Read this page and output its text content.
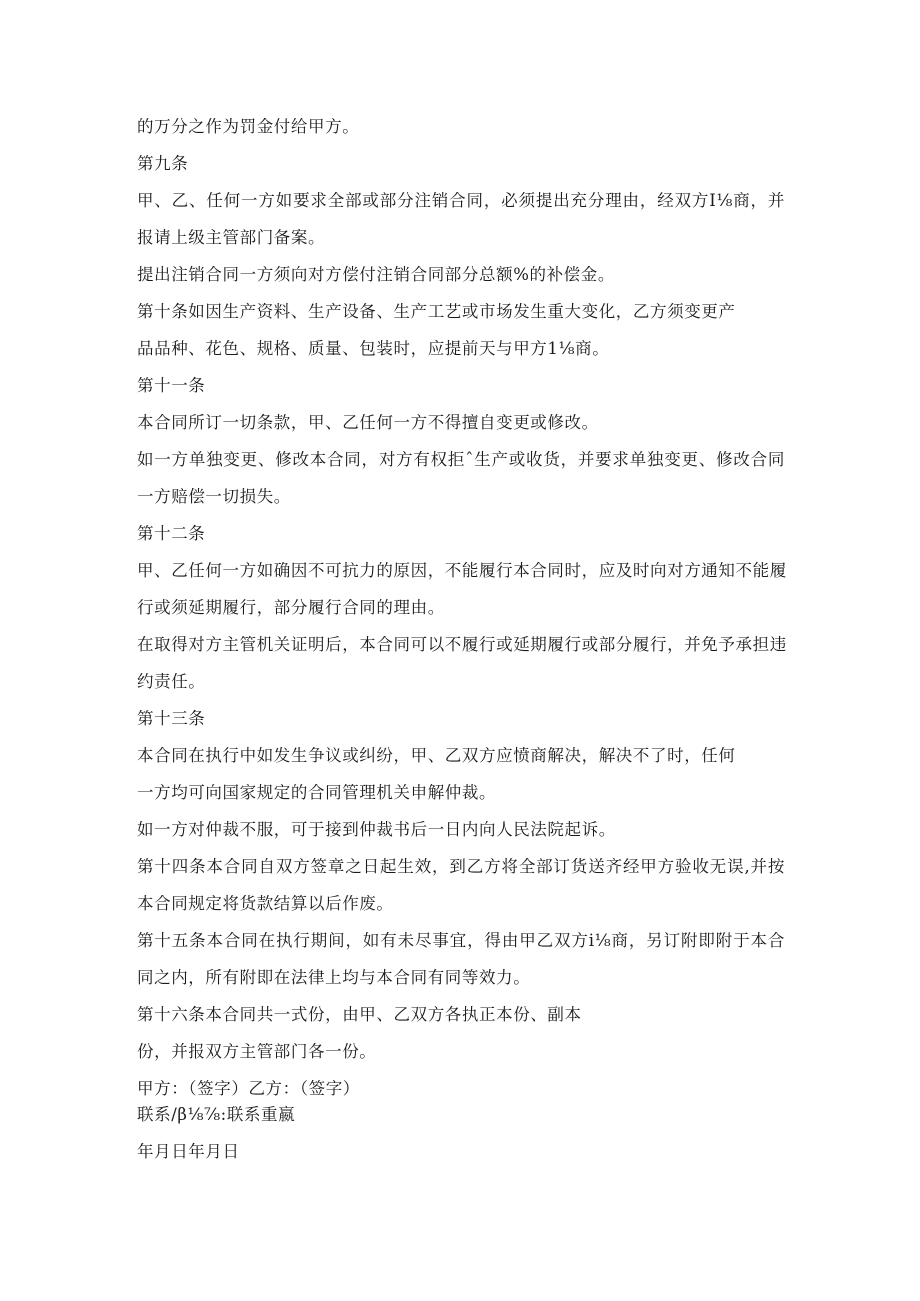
的万分之作为罚金付给甲方。
第九条
甲、乙、任何一方如要求全部或部分注销合同，必须提出充分理由，经双方I⅛商，并
报请上级主管部门备案。
提出注销合同一方须向对方偿付注销合同部分总额%的补偿金。
第十条如因生产资料、生产设备、生产工艺或市场发生重大变化，乙方须变更产
品品种、花色、规格、质量、包装时，应提前天与甲方1⅛商。
第十一条
本合同所订一切条款，甲、乙任何一方不得擅自变更或修改。
如一方单独变更、修改本合同，对方有权拒ˆ生产或收货，并要求单独变更、修改合同
一方赔偿一切损失。
第十二条
甲、乙任何一方如确因不可抗力的原因，不能履行本合同时，应及时向对方通知不能履
行或须延期履行，部分履行合同的理由。
在取得对方主管机关证明后，本合同可以不履行或延期履行或部分履行，并免予承担违
约责任。
第十三条
本合同在执行中如发生争议或纠纷，甲、乙双方应愤商解决，解决不了时，任何
一方均可向国家规定的合同管理机关申解仲裁。
如一方对仲裁不服，可于接到仲裁书后一日内向人民法院起诉。
第十四条本合同自双方签章之日起生效，到乙方将全部订货送齐经甲方验收无误,并按
本合同规定将货款结算以后作废。
第十五条本合同在执行期间，如有未尽事宜，得由甲乙双方i⅛商，另订附即附于本合
同之内，所有附即在法律上均与本合同有同等效力。
第十六条本合同共一式份，由甲、乙双方各执正本份、副本
份，并报双方主管部门各一份。
甲方：（签字）乙方：（签字）
联系/β⅛⅞:联系重嬴
年月日年月日
